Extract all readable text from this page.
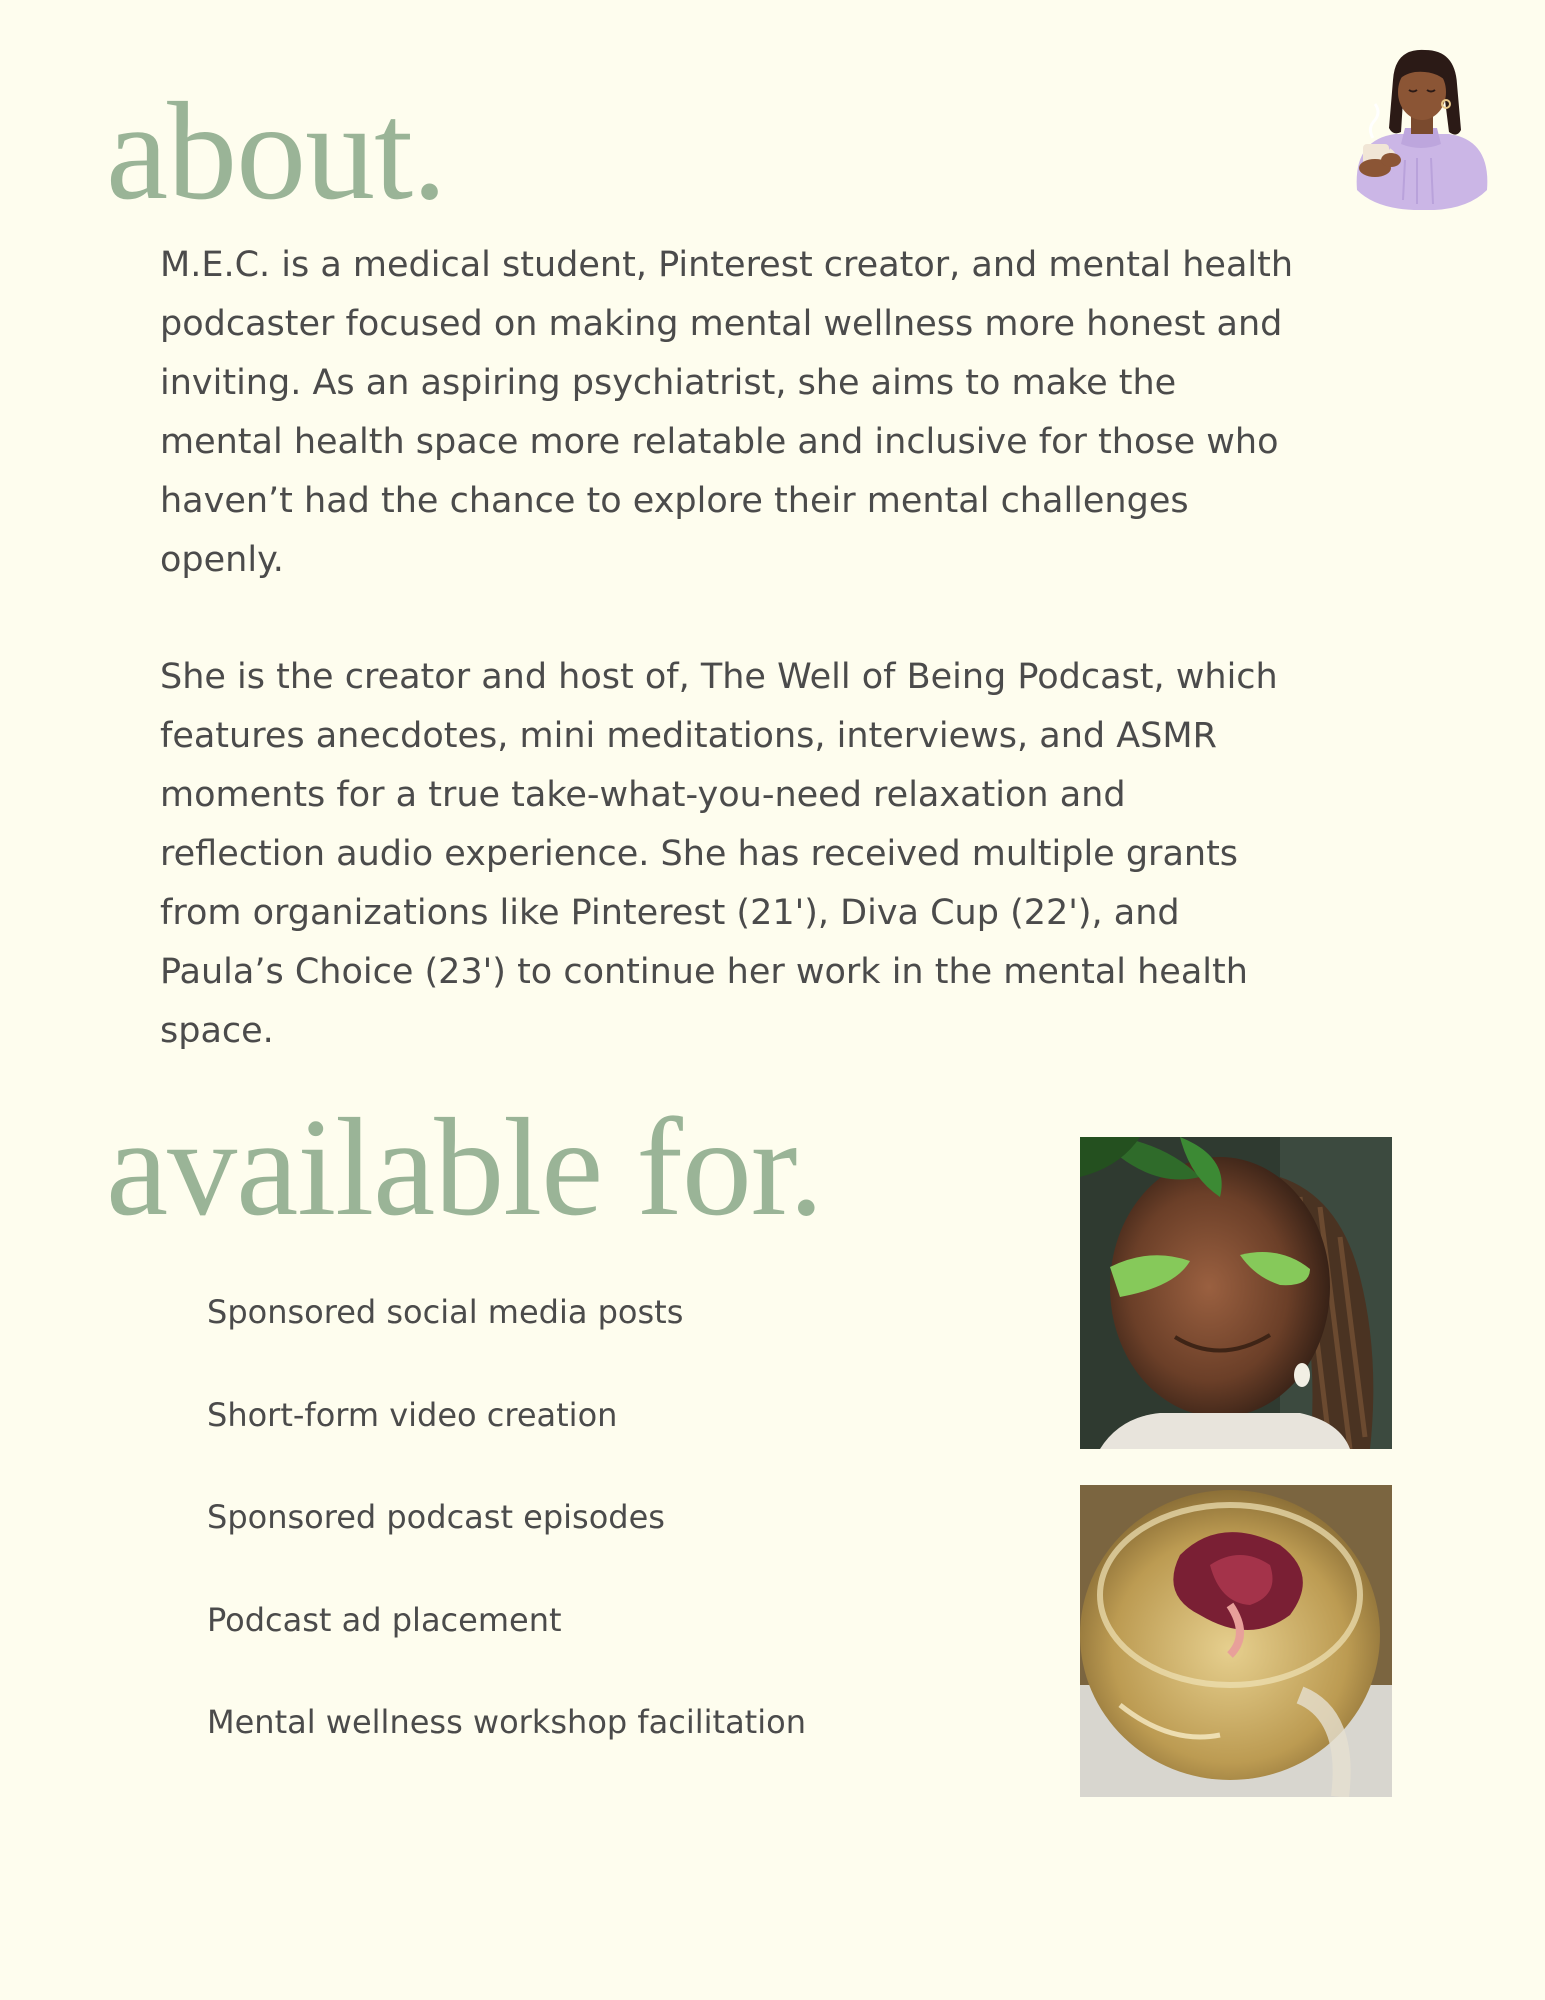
about.

M.E.C. is a medical student, Pinterest creator, and mental health podcaster focused on making mental wellness more honest and inviting. As an aspiring psychiatrist, she aims to make the mental health space more relatable and inclusive for those who haven’t had the chance to explore their mental challenges openly.

She is the creator and host of, The Well of Being Podcast, which features anecdotes, mini meditations, interviews, and ASMR moments for a true take-what-you-need relaxation and reflection audio experience. She has received multiple grants from organizations like Pinterest (21'), Diva Cup (22'), and Paula’s Choice (23') to continue her work in the mental health space.

available for.
Sponsored social media posts
Short-form video creation
Sponsored podcast episodes
Podcast ad placement
Mental wellness workshop facilitation
